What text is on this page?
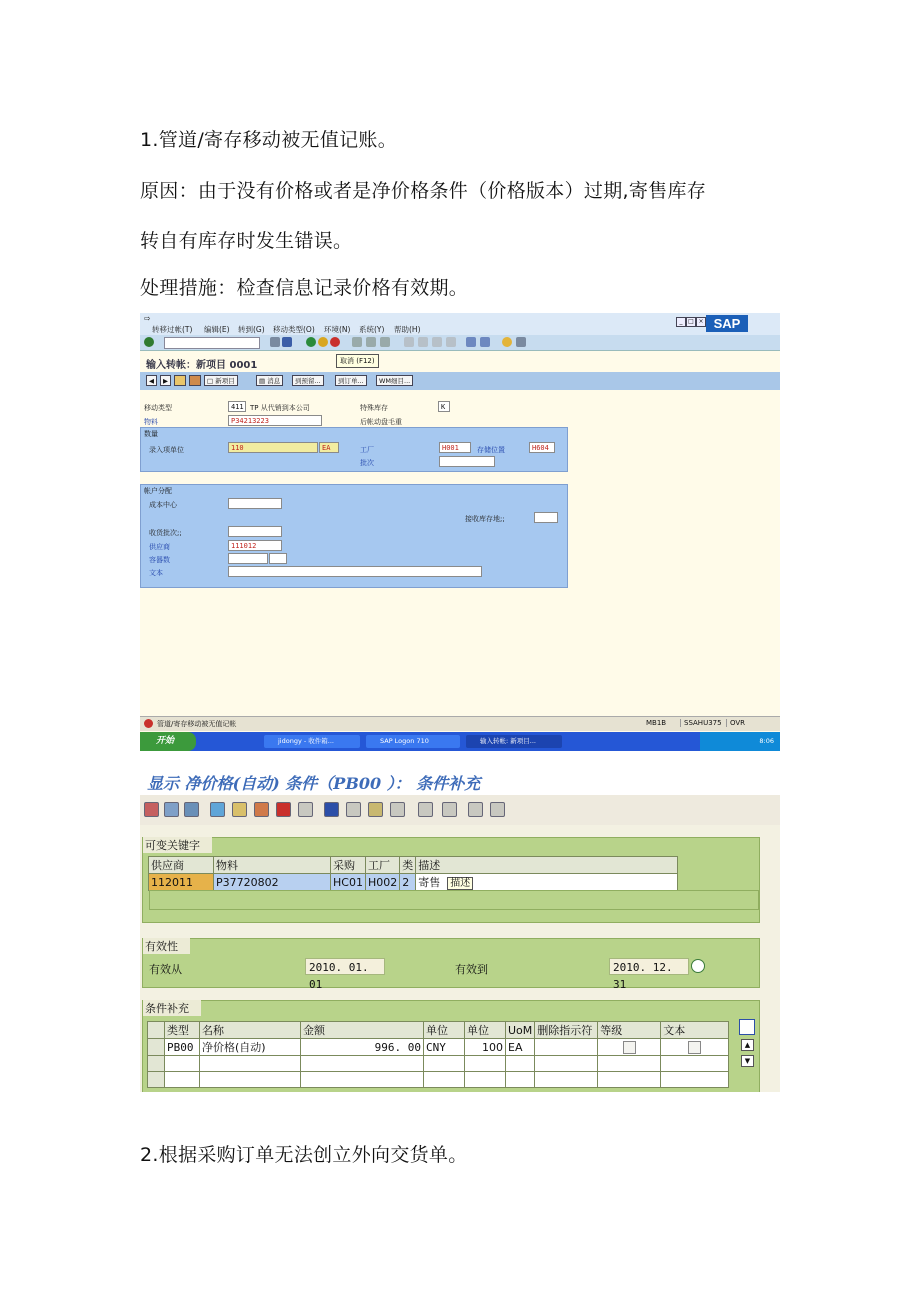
1.管道/寄存移动被无值记账。
原因：由于没有价格或者是净价格条件（价格版本）过期,寄售库存
转自有库存时发生错误。
处理措施：检查信息记录价格有效期。
⇨
转移过帐(T) 编辑(E) 转到(G) 移动类型(O) 环境(N) 系统(Y) 帮助(H)
_ □ × SAP
输入转帐：新项目 0001	取消 (F12)
◀	▶	□ 新项目	▤ 消息	到预留...	到订单...	WM细目...
移动类型	411 TP 从代销到本公司	特殊库存	K
物料	P34213223	后帐动盘毛重
数量
录入项单位	110	EA	工厂	H001	存储位置	H604
批次
帐户分配
成本中心
接收库存地;;
收货批次;;
供应商	111012
容器数
文本
管道/寄存移动被无值记帐	MB1B	SSAHU375	OVR
开始	jidongy - 收件箱...	SAP Logon 710	输入转帐: 新项目...	8:06
显示 净价格(自动) 条件（PB00 ）： 条件补充
可变关键字
供应商	物料	采购	工厂	类	描述
112011	P37720802	HC01	H002	2	寄售 描述
有效性
有效从	2010. 01. 01
有效到	2010. 12. 31
条件补充
	类型	名称	金额	单位	单位	UoM	删除指示符	等级	文本
	PB00	净价格(自动)	996. 00	CNY	100	EA			

										▲
▼
2.根据采购订单无法创立外向交货单。
